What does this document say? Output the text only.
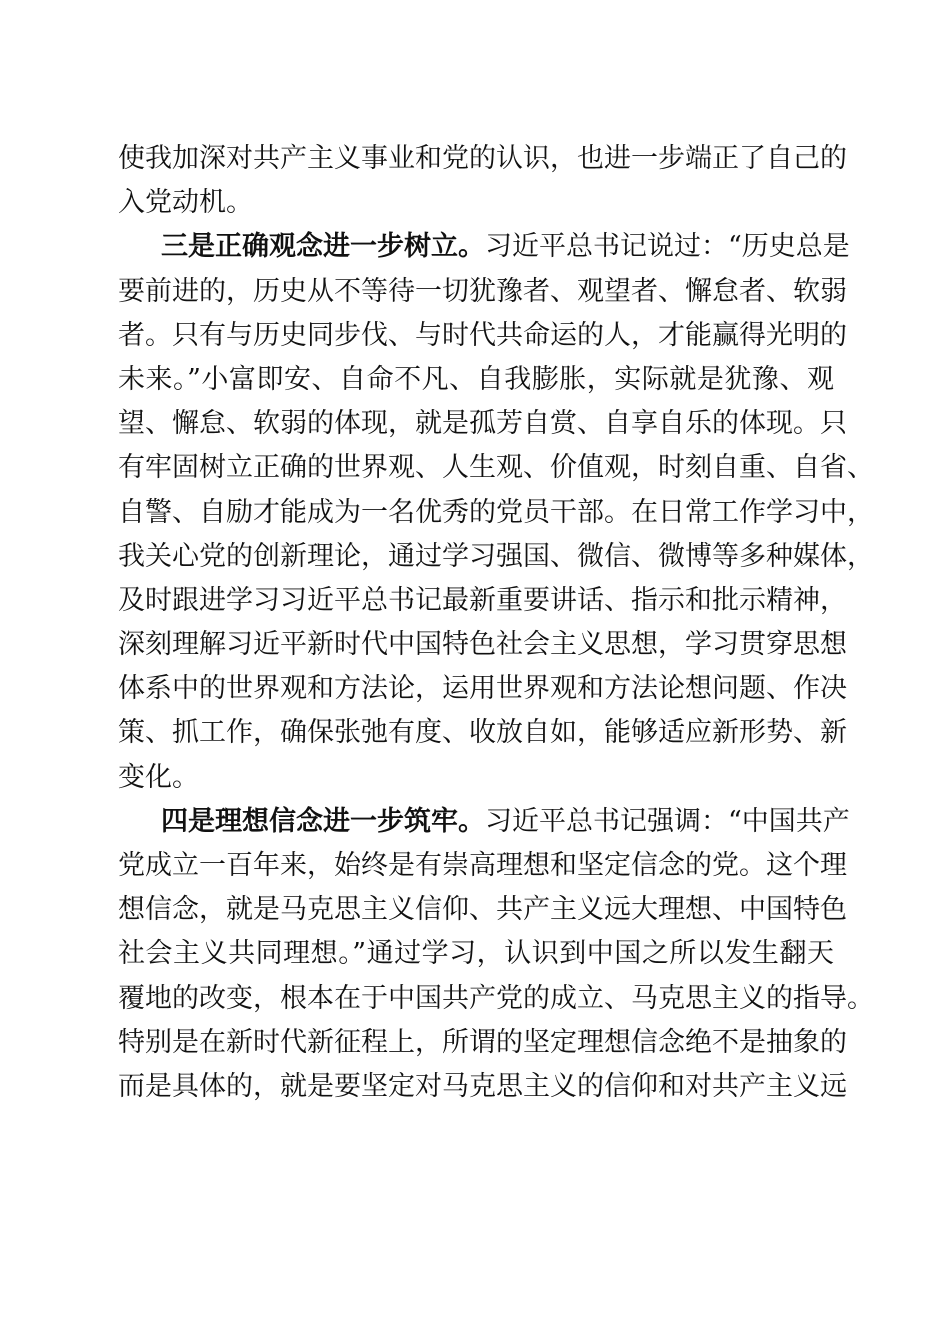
使我加深对共产主义事业和党的认识，也进一步端正了自己的
入党动机。
三是正确观念进一步树立。习近平总书记说过：“历史总是
要前进的，历史从不等待一切犹豫者、观望者、懈怠者、软弱
者。只有与历史同步伐、与时代共命运的人，才能赢得光明的
未来。”小富即安、自命不凡、自我膨胀，实际就是犹豫、观
望、懈怠、软弱的体现，就是孤芳自赏、自享自乐的体现。只
有牢固树立正确的世界观、人生观、价值观，时刻自重、自省、
自警、自励才能成为一名优秀的党员干部。在日常工作学习中，
我关心党的创新理论，通过学习强国、微信、微博等多种媒体，
及时跟进学习习近平总书记最新重要讲话、指示和批示精神，
深刻理解习近平新时代中国特色社会主义思想，学习贯穿思想
体系中的世界观和方法论，运用世界观和方法论想问题、作决
策、抓工作，确保张弛有度、收放自如，能够适应新形势、新
变化。
四是理想信念进一步筑牢。习近平总书记强调：“中国共产
党成立一百年来，始终是有崇高理想和坚定信念的党。这个理
想信念，就是马克思主义信仰、共产主义远大理想、中国特色
社会主义共同理想。”通过学习，认识到中国之所以发生翻天
覆地的改变，根本在于中国共产党的成立、马克思主义的指导。
特别是在新时代新征程上，所谓的坚定理想信念绝不是抽象的
而是具体的，就是要坚定对马克思主义的信仰和对共产主义远
